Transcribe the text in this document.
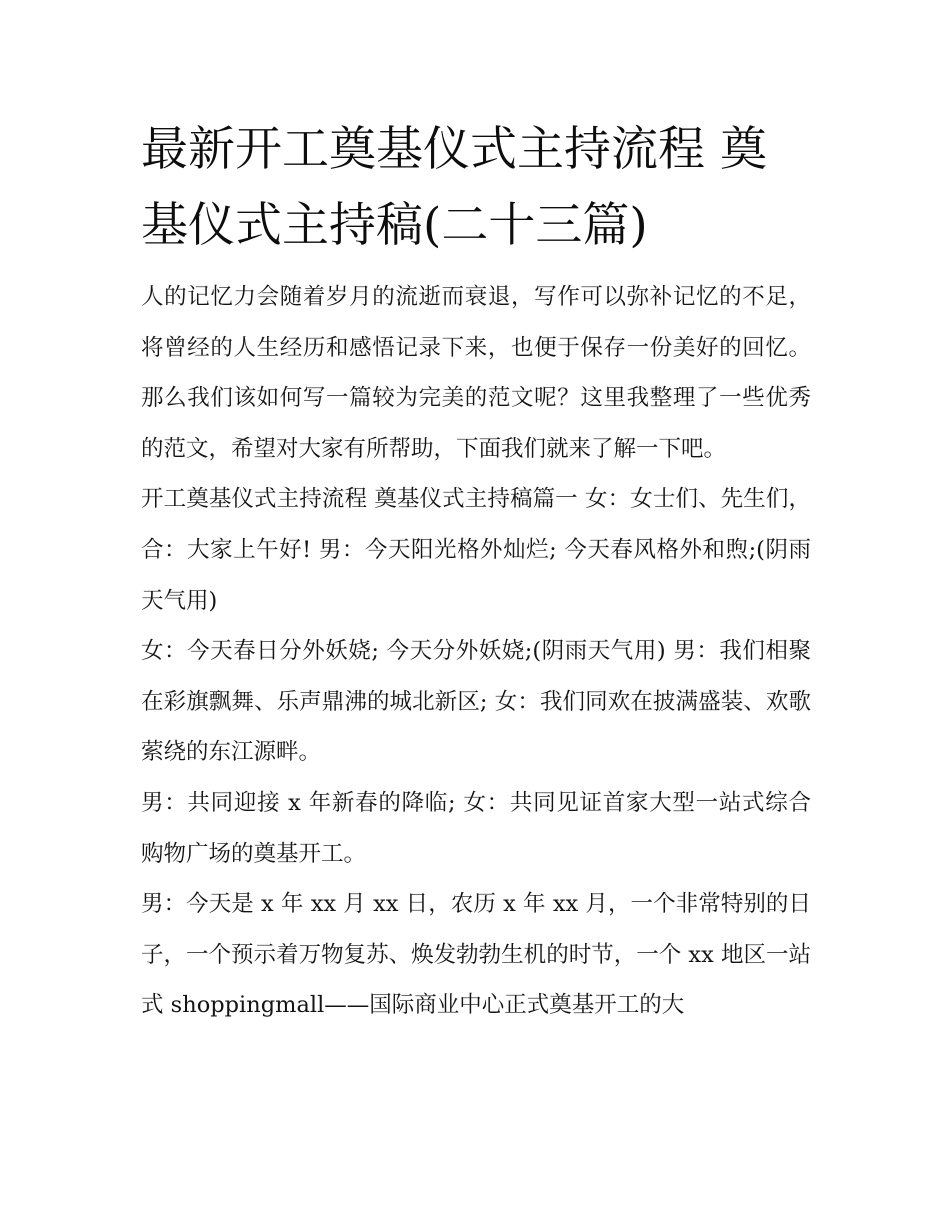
最新开工奠基仪式主持流程 奠基仪式主持稿(二十三篇)

人的记忆力会随着岁月的流逝而衰退，写作可以弥补记忆的不足，将曾经的人生经历和感悟记录下来，也便于保存一份美好的回忆。那么我们该如何写一篇较为完美的范文呢？这里我整理了一些优秀的范文，希望对大家有所帮助，下面我们就来了解一下吧。

开工奠基仪式主持流程 奠基仪式主持稿篇一 女：女士们、先生们， 合：大家上午好! 男：今天阳光格外灿烂; 今天春风格外和煦;(阴雨天气用)

女：今天春日分外妖娆; 今天分外妖娆;(阴雨天气用) 男：我们相聚在彩旗飘舞、乐声鼎沸的城北新区; 女：我们同欢在披满盛装、欢歌萦绕的东江源畔。

男：共同迎接 x 年新春的降临; 女：共同见证首家大型一站式综合购物广场的奠基开工。

男：今天是 x 年 xx 月 xx 日，农历 x 年 xx 月，一个非常特别的日子，一个预示着万物复苏、焕发勃勃生机的时节，一个 xx 地区一站式 shoppingmall——国际商业中心正式奠基开工的大
